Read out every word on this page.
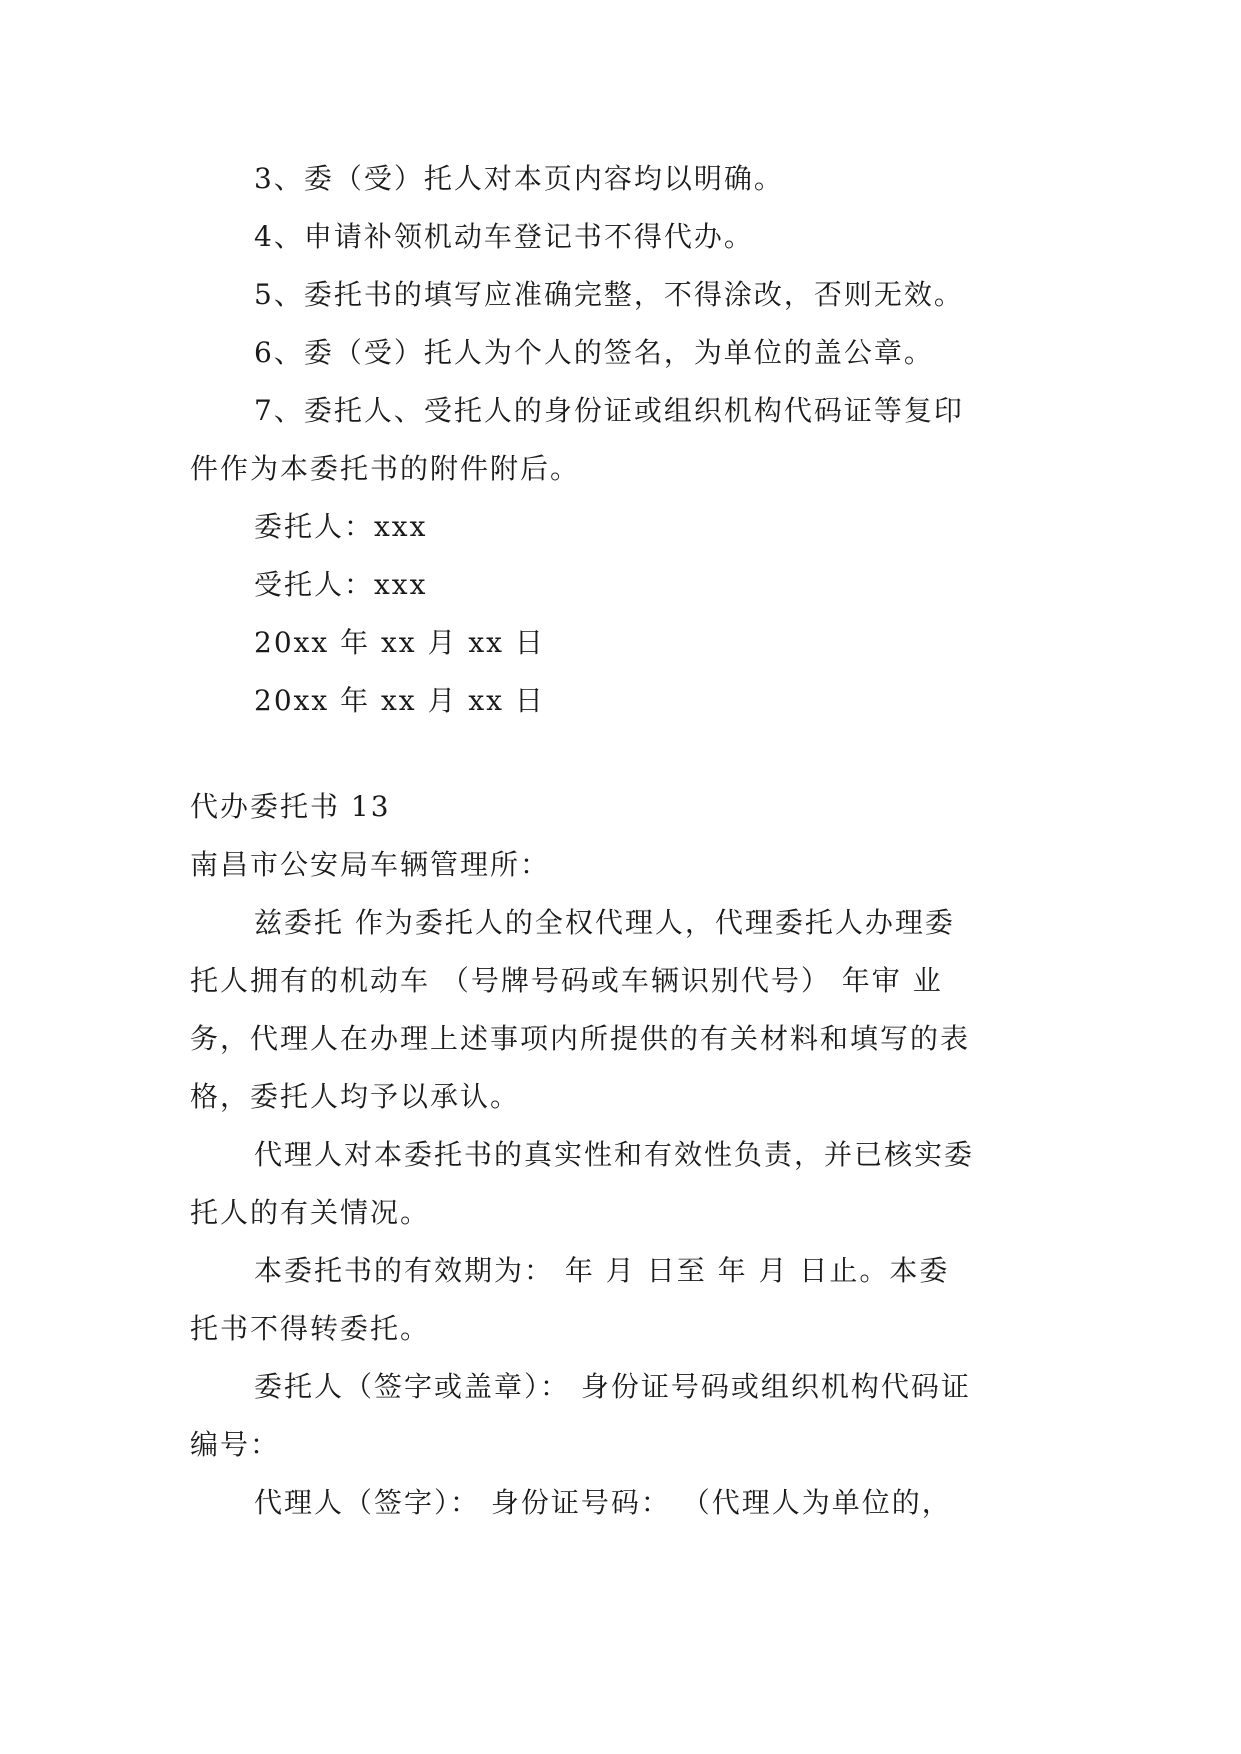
3、委（受）托人对本页内容均以明确。
4、申请补领机动车登记书不得代办。
5、委托书的填写应准确完整，不得涂改，否则无效。
6、委（受）托人为个人的签名，为单位的盖公章。
7、委托人、受托人的身份证或组织机构代码证等复印
件作为本委托书的附件附后。
委托人：xxx
受托人：xxx
20xx 年 xx 月 xx 日
20xx 年 xx 月 xx 日
代办委托书 13
南昌市公安局车辆管理所：
兹委托 作为委托人的全权代理人，代理委托人办理委
托人拥有的机动车 （号牌号码或车辆识别代号） 年审 业
务，代理人在办理上述事项内所提供的有关材料和填写的表
格，委托人均予以承认。
代理人对本委托书的真实性和有效性负责，并已核实委
托人的有关情况。
本委托书的有效期为： 年 月 日至 年 月 日止。本委
托书不得转委托。
委托人（签字或盖章）： 身份证号码或组织机构代码证
编号：
代理人（签字）： 身份证号码： （代理人为单位的，
